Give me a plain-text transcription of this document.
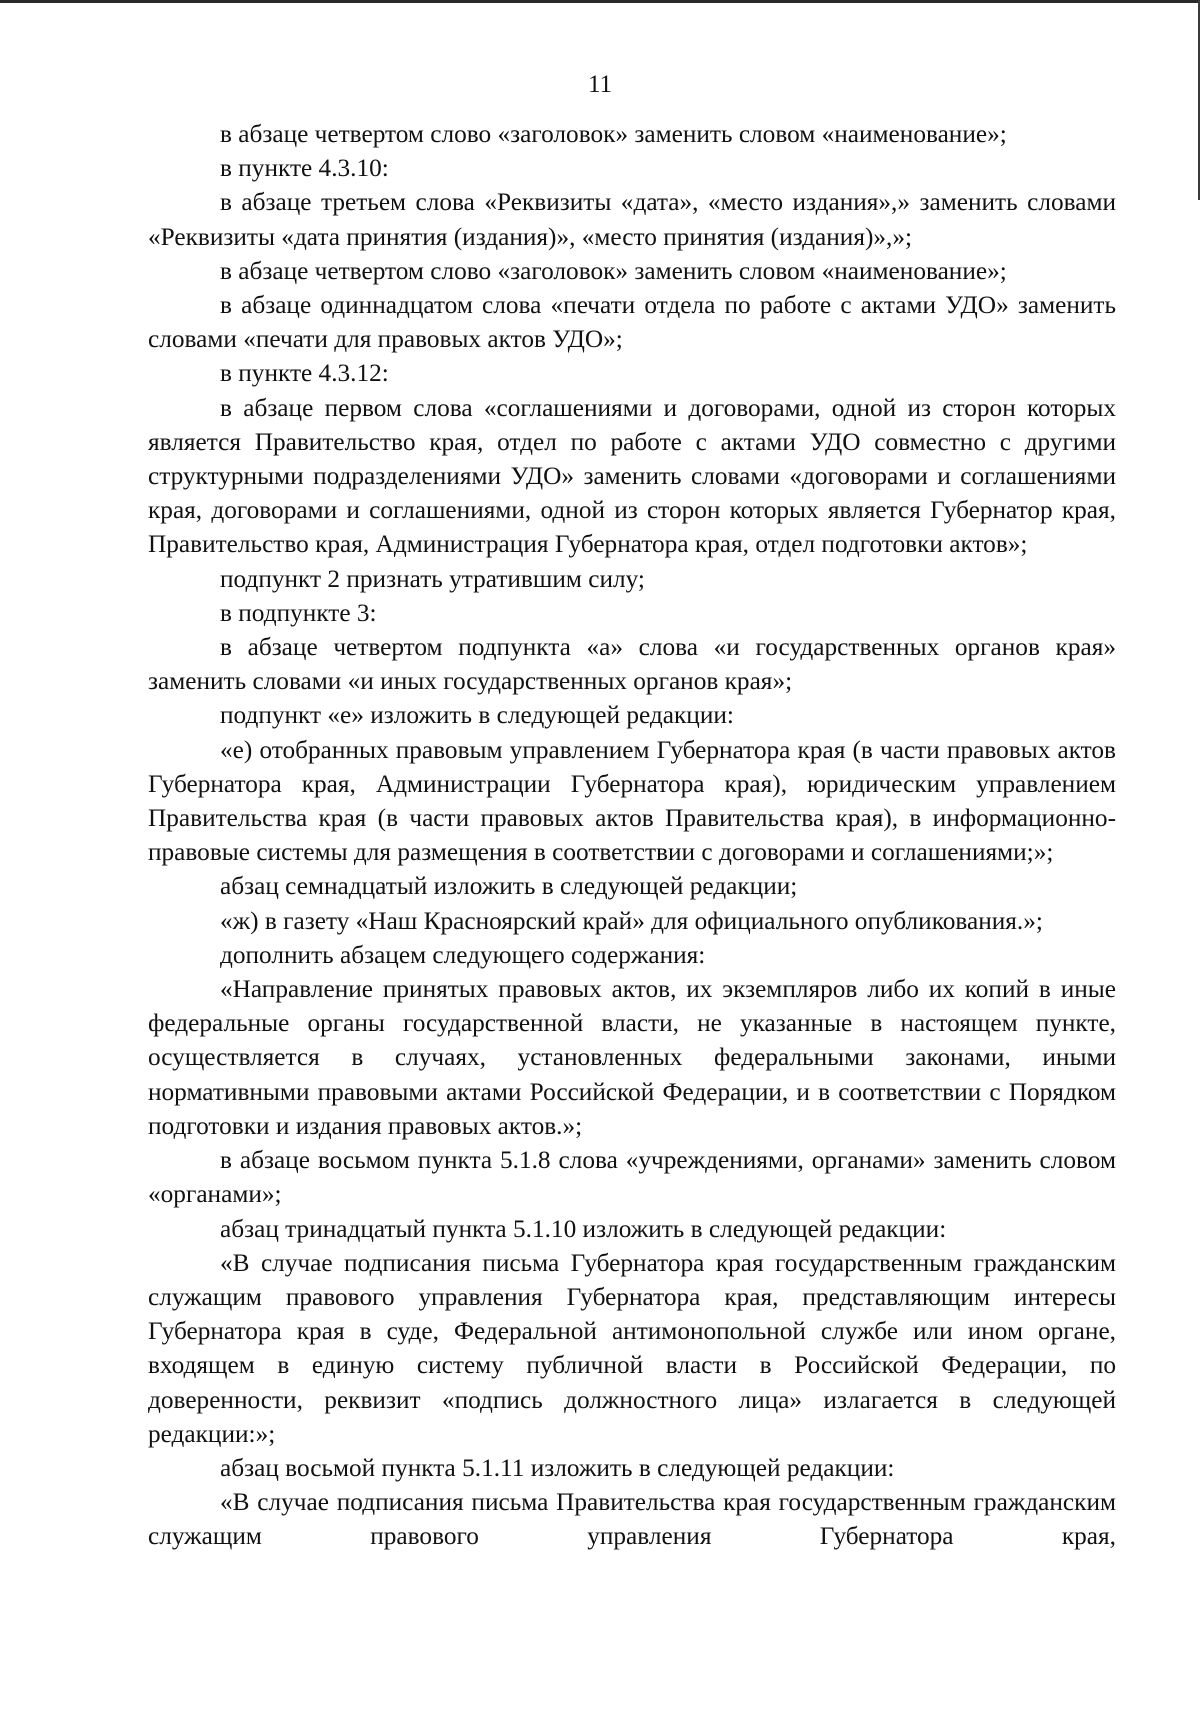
11

в абзаце четвертом слово «заголовок» заменить словом «наименование»;

в пункте 4.3.10:

в абзаце третьем слова «Реквизиты «дата», «место издания»,» заменить словами «Реквизиты «дата принятия (издания)», «место принятия (издания)»,»;

в абзаце четвертом слово «заголовок» заменить словом «наименование»;

в абзаце одиннадцатом слова «печати отдела по работе с актами УДО» заменить словами «печати для правовых актов УДО»;

в пункте 4.3.12:

в абзаце первом слова «соглашениями и договорами, одной из сторон которых является Правительство края, отдел по работе с актами УДО совместно с другими структурными подразделениями УДО» заменить словами «договорами и соглашениями края, договорами и соглашениями, одной из сторон которых является Губернатор края, Правительство края, Администрация Губернатора края, отдел подготовки актов»;

подпункт 2 признать утратившим силу;

в подпункте 3:

в абзаце четвертом подпункта «а» слова «и государственных органов края» заменить словами «и иных государственных органов края»;

подпункт «е» изложить в следующей редакции:

«е) отобранных правовым управлением Губернатора края (в части правовых актов Губернатора края, Администрации Губернатора края), юридическим управлением Правительства края (в части правовых актов Правительства края), в информационно-правовые системы для размещения в соответствии с договорами и соглашениями;»;

абзац семнадцатый изложить в следующей редакции;

«ж) в газету «Наш Красноярский край» для официального опубликования.»;

дополнить абзацем следующего содержания:

«Направление принятых правовых актов, их экземпляров либо их копий в иные федеральные органы государственной власти, не указанные в настоящем пункте, осуществляется в случаях, установленных федеральными законами, иными нормативными правовыми актами Российской Федерации, и в соответствии с Порядком подготовки и издания правовых актов.»;

в абзаце восьмом пункта 5.1.8 слова «учреждениями, органами» заменить словом «органами»;

абзац тринадцатый пункта 5.1.10 изложить в следующей редакции:

«В случае подписания письма Губернатора края государственным гражданским служащим правового управления Губернатора края, представляющим интересы Губернатора края в суде, Федеральной антимонопольной службе или ином органе, входящем в единую систему публичной власти в Российской Федерации, по доверенности, реквизит «подпись должностного лица» излагается в следующей редакции:»;

абзац восьмой пункта 5.1.11 изложить в следующей редакции:

«В случае подписания письма Правительства края государственным гражданским служащим правового управления Губернатора края,
